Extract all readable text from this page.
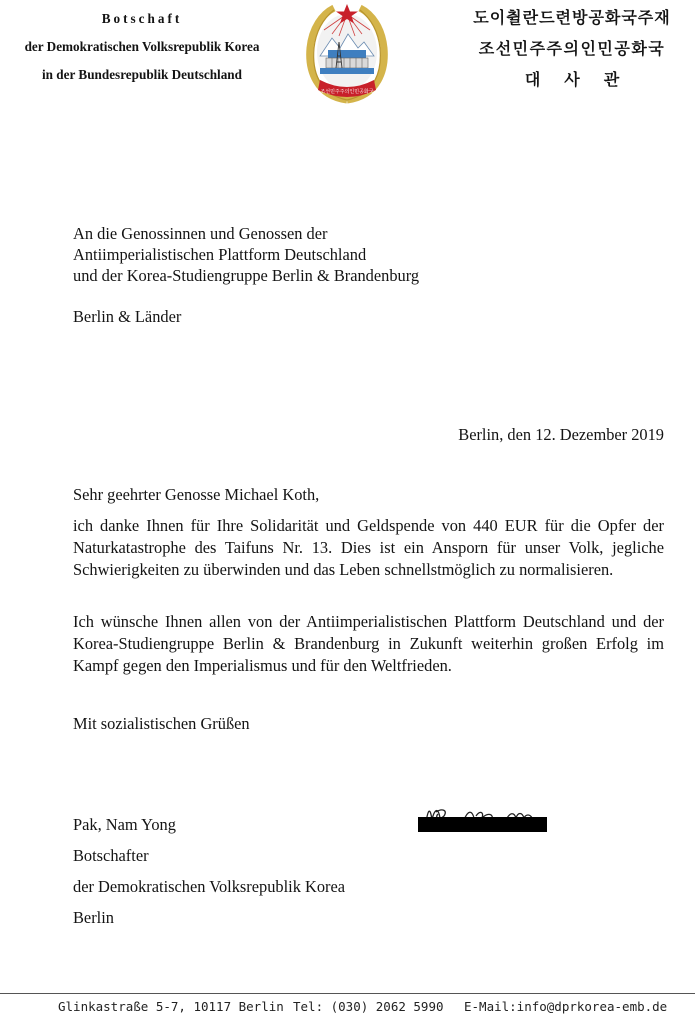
Botschaft
der Demokratischen Volksrepublik Korea
in der Bundesrepublik Deutschland
조선민주주의인민공화국
도이췰란드련방공화국주재
조선민주주의인민공화국
대사관
An die Genossinnen und Genossen der
Antiimperialistischen Plattform Deutschland
und der Korea-Studiengruppe Berlin & Brandenburg
Berlin & Länder
Berlin, den 12. Dezember 2019
Sehr geehrter Genosse Michael Koth,
ich danke Ihnen für Ihre Solidarität und Geldspende von 440 EUR für die Opfer der Naturkatastrophe des Taifuns Nr. 13. Dies ist ein Ansporn für unser Volk, jegliche Schwierigkeiten zu überwinden und das Leben schnellstmöglich zu normalisieren.
Ich wünsche Ihnen allen von der Antiimperialistischen Plattform Deutschland und der Korea-Studiengruppe Berlin & Brandenburg in Zukunft weiterhin großen Erfolg im Kampf gegen den Imperialismus und für den Weltfrieden.
Mit sozialistischen Grüßen
Pak, Nam Yong
Botschafter
der Demokratischen Volksrepublik Korea
Berlin
Glinkastraße 5-7, 10117 Berlin Tel: (030) 2062 5990 E-Mail:info@dprkorea-emb.de
